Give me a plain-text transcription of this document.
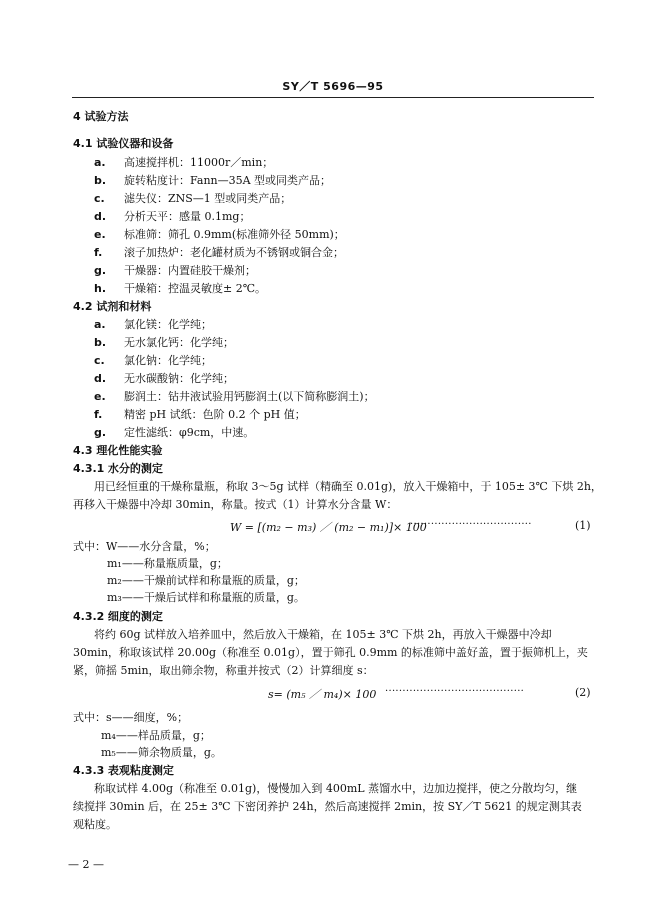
SY／T 5696—95
4 试验方法
4.1 试验仪器和设备
a. 高速搅拌机：11000r／min；
b. 旋转粘度计：Fann—35A 型或同类产品；
c. 滤失仪：ZNS—1 型或同类产品；
d. 分析天平：感量 0.1mg；
e. 标准筛：筛孔 0.9mm(标准筛外径 50mm)；
f. 滚子加热炉：老化罐材质为不锈钢或铜合金；
g. 干燥器：内置硅胶干燥剂；
h. 干燥箱：控温灵敏度± 2℃。
4.2 试剂和材料
a. 氯化镁：化学纯；
b. 无水氯化钙：化学纯；
c. 氯化钠：化学纯；
d. 无水碳酸钠：化学纯；
e. 膨润土：钻井液试验用钙膨润土(以下简称膨润土)；
f. 精密 pH 试纸：色阶 0.2 个 pH 值；
g. 定性滤纸：φ9cm，中速。
4.3 理化性能实验
4.3.1 水分的测定
用已经恒重的干燥称量瓶，称取 3～5g 试样（精确至 0.01g)，放入干燥箱中，于 105± 3℃ 下烘 2h，
再移入干燥器中冷却 30min，称量。按式（1）计算水分含量 W：
W = [(m₂ − m₃) ／ (m₂ − m₁)]× 100
···································	(1)
式中：W——水分含量，%；
m₁——称量瓶质量，g；
m₂——干燥前试样和称量瓶的质量，g；
m₃——干燥后试样和称量瓶的质量，g。
4.3.2 细度的测定
将约 60g 试样放入培养皿中，然后放入干燥箱，在 105± 3℃ 下烘 2h，再放入干燥器中冷却
30min，称取该试样 20.00g（称准至 0.01g），置于筛孔 0.9mm 的标准筛中盖好盖，置于振筛机上，夹
紧，筛摇 5min，取出筛余物，称重并按式（2）计算细度 s：
s= (m₅ ／ m₄)× 100 ········································	(2)
式中：s——细度，%；
m₄——样品质量，g；
m₅——筛余物质量，g。
4.3.3 表观粘度测定
称取试样 4.00g（称准至 0.01g)，慢慢加入到 400mL 蒸馏水中，边加边搅拌，使之分散均匀，继
续搅拌 30min 后，在 25± 3℃ 下密闭养护 24h，然后高速搅拌 2min，按 SY／T 5621 的规定测其表
观粘度。
— 2 —
